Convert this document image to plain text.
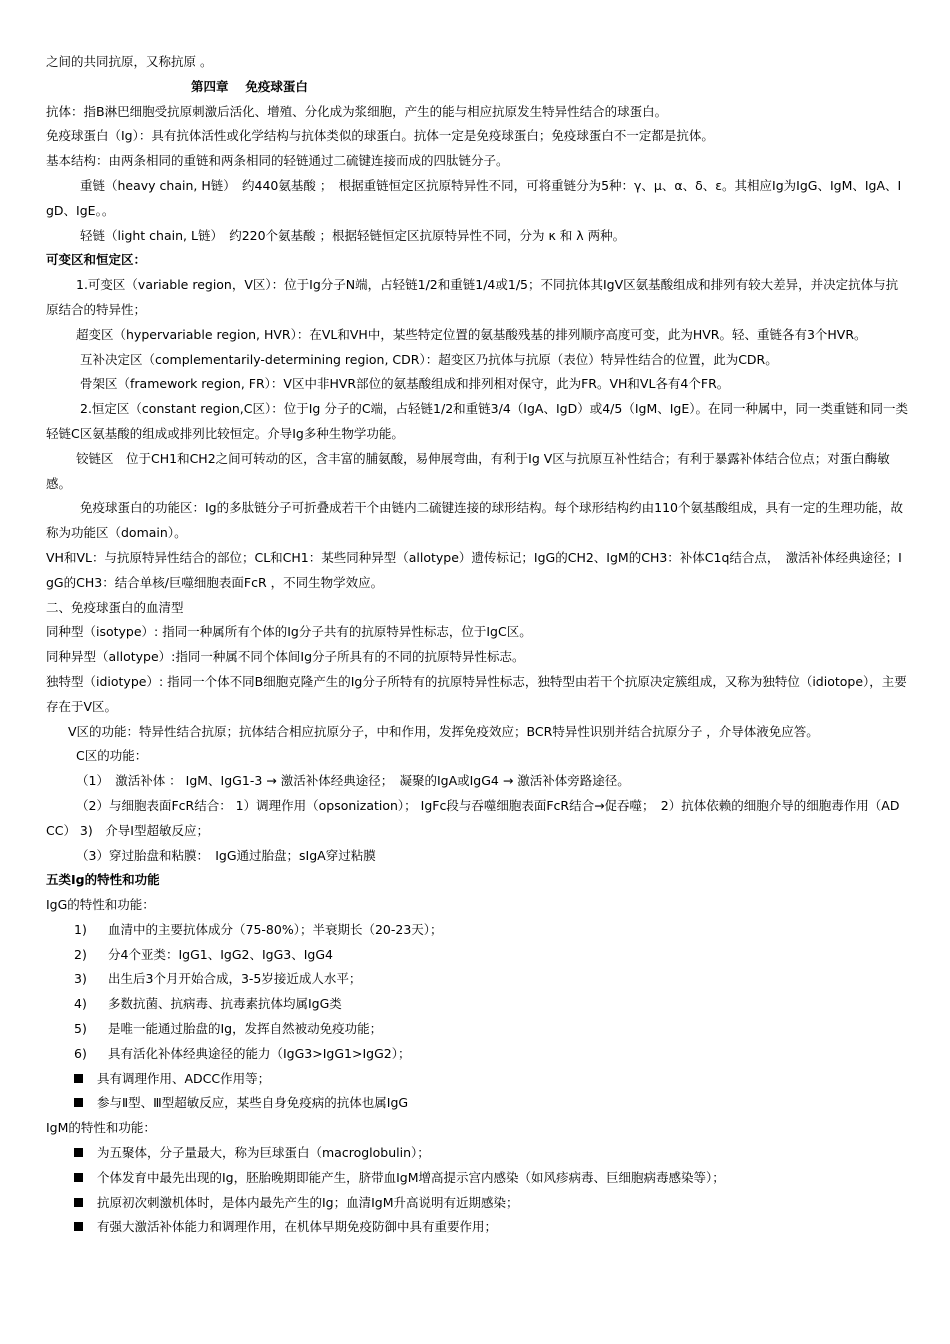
之间的共同抗原，又称抗原 。

第四章　 免疫球蛋白

抗体：指B淋巴细胞受抗原刺激后活化、增殖、分化成为浆细胞，产生的能与相应抗原发生特异性结合的球蛋白。

免疫球蛋白（Ig）：具有抗体活性或化学结构与抗体类似的球蛋白。抗体一定是免疫球蛋白；免疫球蛋白不一定都是抗体。

基本结构：由两条相同的重链和两条相同的轻链通过二硫键连接而成的四肽链分子。

重链（heavy chain, H链）　约440氨基酸 ；　根据重链恒定区抗原特异性不同，可将重链分为5种：γ、μ、α、δ、ε。其相应Ig为IgG、IgM、IgA、IgD、IgE。。

轻链（light chain, L链）　约220个氨基酸 ；根据轻链恒定区抗原特异性不同，分为 κ 和 λ 两种。

可变区和恒定区：

1.可变区（variable region，V区）：位于Ig分子N端，占轻链1/2和重链1/4或1/5；不同抗体其IgV区氨基酸组成和排列有较大差异，并决定抗体与抗原结合的特异性；

超变区（hypervariable region, HVR）：在VL和VH中，某些特定位置的氨基酸残基的排列顺序高度可变，此为HVR。轻、重链各有3个HVR。

互补决定区（complementarily-determining region, CDR）：超变区乃抗体与抗原（表位）特异性结合的位置，此为CDR。

骨架区（framework region, FR）：V区中非HVR部位的氨基酸组成和排列相对保守，此为FR。VH和VL各有4个FR。

2.恒定区（constant region,C区）：位于Ig 分子的C端，占轻链1/2和重链3/4（IgA、IgD）或4/5（IgM、IgE）。在同一种属中，同一类重链和同一类轻链C区氨基酸的组成或排列比较恒定。介导Ig多种生物学功能。

铰链区　位于CH1和CH2之间可转动的区，含丰富的脯氨酸，易伸展弯曲，有利于Ig V区与抗原互补性结合；有利于暴露补体结合位点；对蛋白酶敏感。

免疫球蛋白的功能区：Ig的多肽链分子可折叠成若干个由链内二硫键连接的球形结构。每个球形结构约由110个氨基酸组成，具有一定的生理功能，故称为功能区（domain）。

VH和VL：与抗原特异性结合的部位；CL和CH1：某些同种异型（allotype）遗传标记；IgG的CH2、IgM的CH3：补体C1q结合点，　激活补体经典途径；IgG的CH3：结合单核/巨噬细胞表面FcR ，不同生物学效应。

二、免疫球蛋白的血清型

同种型（isotype）: 指同一种属所有个体的Ig分子共有的抗原特异性标志，位于IgC区。

同种异型（allotype）:指同一种属不同个体间Ig分子所具有的不同的抗原特异性标志。

独特型（idiotype）: 指同一个体不同B细胞克隆产生的Ig分子所特有的抗原特异性标志，独特型由若干个抗原决定簇组成，又称为独特位（idiotope），主要存在于V区。

V区的功能：特异性结合抗原；抗体结合相应抗原分子，中和作用，发挥免疫效应；BCR特异性识别并结合抗原分子 ，介导体液免应答。

C区的功能：

（1）　激活补体 ： IgM、IgG1-3 → 激活补体经典途径；　凝聚的IgA或IgG4 → 激活补体旁路途径。

（2）与细胞表面FcR结合： 1）调理作用（opsonization）； IgFc段与吞噬细胞表面FcR结合→促吞噬；　2）抗体依赖的细胞介导的细胞毒作用（ADCC） 3)　介导Ⅰ型超敏反应；

（3）穿过胎盘和粘膜：　IgG通过胎盘；sIgA穿过粘膜

五类Ig的特性和功能

IgG的特性和功能：

1) 血清中的主要抗体成分（75-80%）；半衰期长（20-23天）；

2) 分4个亚类：IgG1、IgG2、IgG3、IgG4

3) 出生后3个月开始合成，3-5岁接近成人水平；

4) 多数抗菌、抗病毒、抗毒素抗体均属IgG类

5) 是唯一能通过胎盘的Ig，发挥自然被动免疫功能；

6) 具有活化补体经典途径的能力（IgG3>IgG1>IgG2）；

具有调理作用、ADCC作用等；

参与Ⅱ型、Ⅲ型超敏反应，某些自身免疫病的抗体也属IgG

IgM的特性和功能：

为五聚体，分子量最大，称为巨球蛋白（macroglobulin）；

个体发育中最先出现的Ig，胚胎晚期即能产生，脐带血IgM增高提示宫内感染（如风疹病毒、巨细胞病毒感染等）；

抗原初次刺激机体时，是体内最先产生的Ig；血清IgM升高说明有近期感染；

有强大激活补体能力和调理作用，在机体早期免疫防御中具有重要作用；
